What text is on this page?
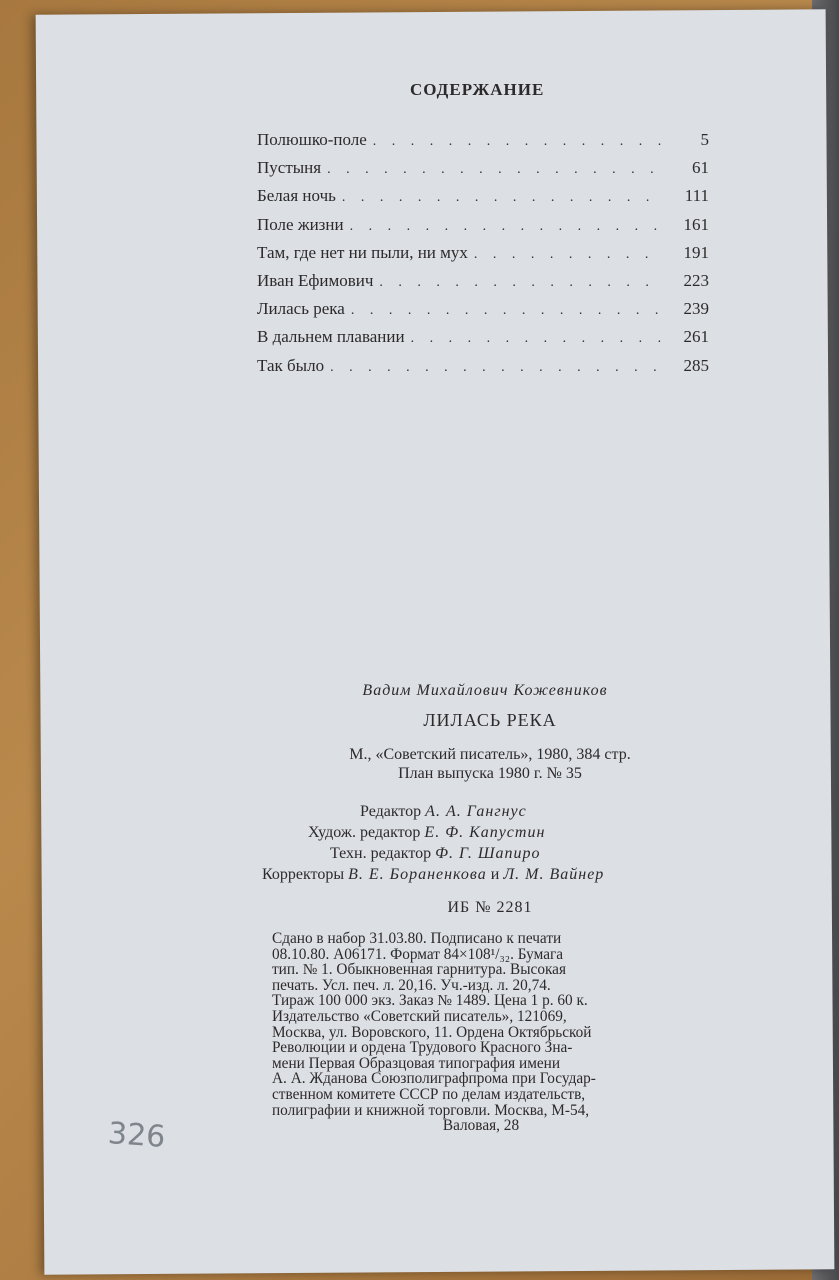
СОДЕРЖАНИЕ
Полюшко-поле . . .	5
Пустыня . . .	61
Белая ночь . . .	111
Поле жизни . . .	161
Там, где нет ни пыли, ни мух . . .	191
Иван Ефимович . . .	223
Лилась река . . .	239
В дальнем плавании . . .	261
Так было . . .	285
Вадим Михайлович Кожевников
ЛИЛАСЬ РЕКА
М., «Советский писатель», 1980, 384 стр.
План выпуска 1980 г. № 35
Редактор А. А. Гангнус
Худож. редактор Е. Ф. Капустин
Техн. редактор Ф. Г. Шапиро
Корректоры В. Е. Бораненкова и Л. М. Вайнер
ИБ № 2281
Сдано в набор 31.03.80. Подписано к печати
08.10.80. А06171. Формат 84×108¹/₃₂. Бумага
тип. № 1. Обыкновенная гарнитура. Высокая
печать. Усл. печ. л. 20,16. Уч.-изд. л. 20,74.
Тираж 100 000 экз. Заказ № 1489. Цена 1 р. 60 к.
Издательство «Советский писатель», 121069,
Москва, ул. Воровского, 11. Ордена Октябрьской
Революции и ордена Трудового Красного Зна-
мени Первая Образцовая типография имени
А. А. Жданова Союзполиграфпрома при Государ-
ственном комитете СССР по делам издательств,
полиграфии и книжной торговли. Москва, М-54,
Валовая, 28
326
